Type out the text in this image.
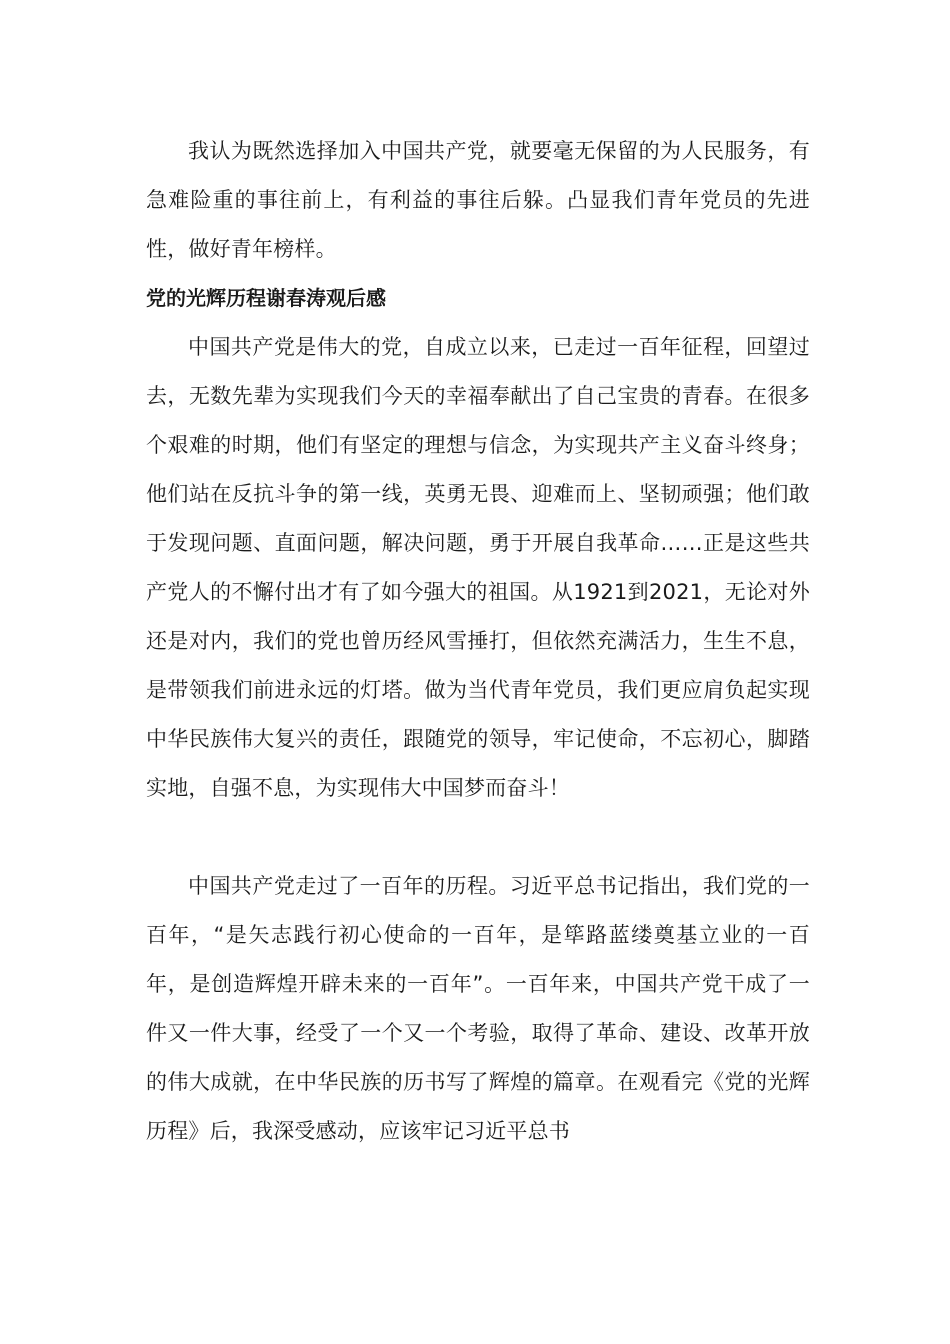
我认为既然选择加入中国共产党，就要毫无保留的为人民服务，有急难险重的事往前上，有利益的事往后躲。凸显我们青年党员的先进性，做好青年榜样。

党的光辉历程谢春涛观后感

中国共产党是伟大的党，自成立以来，已走过一百年征程，回望过去，无数先辈为实现我们今天的幸福奉献出了自己宝贵的青春。在很多个艰难的时期，他们有坚定的理想与信念，为实现共产主义奋斗终身；他们站在反抗斗争的第一线，英勇无畏、迎难而上、坚韧顽强；他们敢于发现问题、直面问题，解决问题，勇于开展自我革命……正是这些共产党人的不懈付出才有了如今强大的祖国。从1921到2021，无论对外还是对内，我们的党也曾历经风雪捶打，但依然充满活力，生生不息，是带领我们前进永远的灯塔。做为当代青年党员，我们更应肩负起实现中华民族伟大复兴的责任，跟随党的领导，牢记使命，不忘初心，脚踏实地，自强不息，为实现伟大中国梦而奋斗！

中国共产党走过了一百年的历程。习近平总书记指出，我们党的一百年，“是矢志践行初心使命的一百年，是筚路蓝缕奠基立业的一百年，是创造辉煌开辟未来的一百年”。一百年来，中国共产党干成了一件又一件大事，经受了一个又一个考验，取得了革命、建设、改革开放的伟大成就，在中华民族的历书写了辉煌的篇章。在观看完《党的光辉历程》后，我深受感动，应该牢记习近平总书
